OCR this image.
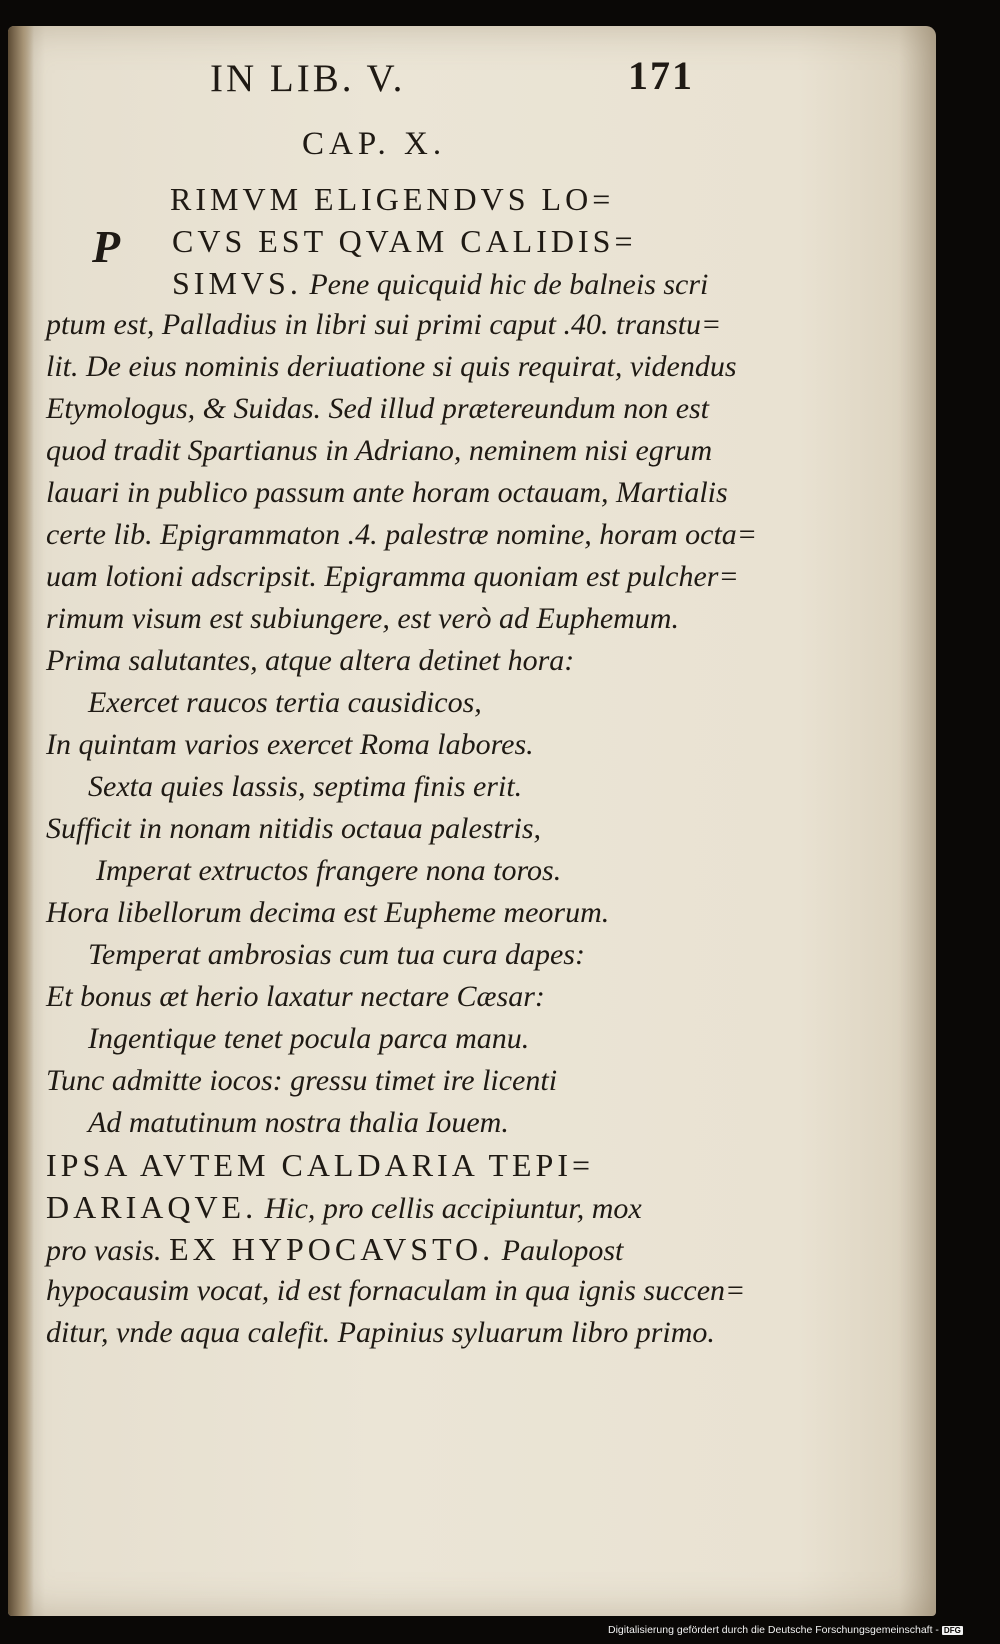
IN LIB. V.	171
CAP. X.
P
RIMVM ELIGENDVS LO=
CVS EST QVAM CALIDIS=
SIMVS. Pene quicquid hic de balneis scri
ptum est, Palladius in libri sui primi caput .40. transtu=
lit. De eius nominis deriuatione si quis requirat, videndus
Etymologus, & Suidas. Sed illud prætereundum non est
quod tradit Spartianus in Adriano, neminem nisi egrum
lauari in publico passum ante horam octauam, Martialis
certe lib. Epigrammaton .4. palestræ nomine, horam octa=
uam lotioni adscripsit. Epigramma quoniam est pulcher=
rimum visum est subiungere, est verò ad Euphemum.
Prima salutantes, atque altera detinet hora:
Exercet raucos tertia causidicos,
In quintam varios exercet Roma labores.
Sexta quies lassis, septima finis erit.
Sufficit in nonam nitidis octaua palestris,
Imperat extructos frangere nona toros.
Hora libellorum decima est Eupheme meorum.
Temperat ambrosias cum tua cura dapes:
Et bonus æt herio laxatur nectare Cæsar:
Ingentique tenet pocula parca manu.
Tunc admitte iocos: gressu timet ire licenti
Ad matutinum nostra thalia Iouem.
IPSA AVTEM CALDARIA TEPI=
DARIAQVE. Hic, pro cellis accipiuntur, mox
pro vasis. EX HYPOCAVSTO. Paulopost
hypocausim vocat, id est fornaculam in qua ignis succen=
ditur, vnde aqua calefit. Papinius syluarum libro primo.
Digitalisierung gefördert durch die Deutsche Forschungsgemeinschaft - DFG
